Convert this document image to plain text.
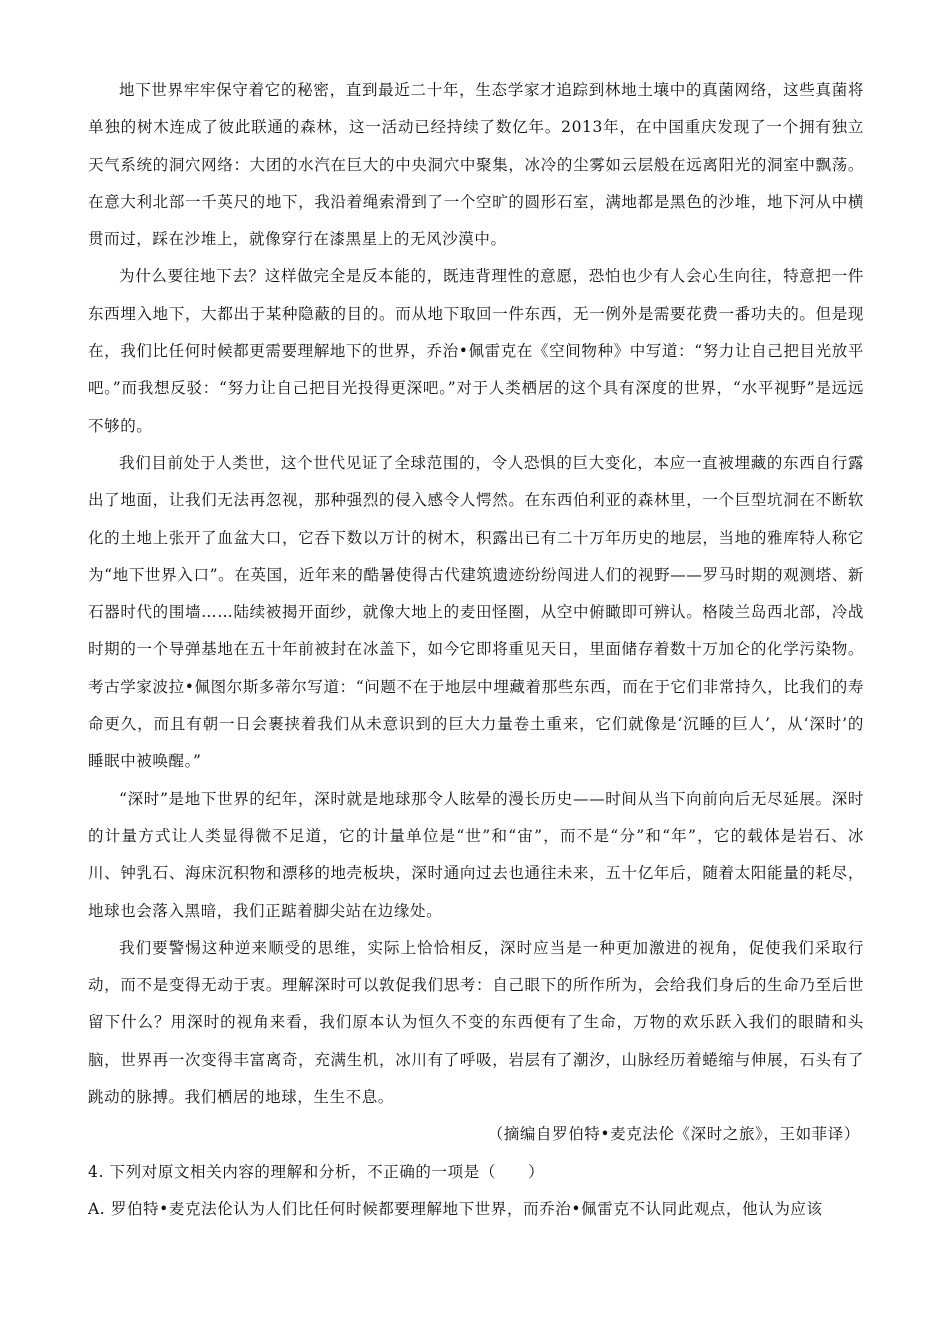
地下世界牢牢保守着它的秘密，直到最近二十年，生态学家才追踪到林地土壤中的真菌网络，这些真菌将单独的树木连成了彼此联通的森林，这一活动已经持续了数亿年。2013年，在中国重庆发现了一个拥有独立天气系统的洞穴网络：大团的水汽在巨大的中央洞穴中聚集，冰冷的尘雾如云层般在远离阳光的洞室中飘荡。在意大利北部一千英尺的地下，我沿着绳索滑到了一个空旷的圆形石室，满地都是黑色的沙堆，地下河从中横贯而过，踩在沙堆上，就像穿行在漆黑星上的无风沙漠中。

为什么要往地下去？这样做完全是反本能的，既违背理性的意愿，恐怕也少有人会心生向往，特意把一件东西埋入地下，大都出于某种隐蔽的目的。而从地下取回一件东西，无一例外是需要花费一番功夫的。但是现在，我们比任何时候都更需要理解地下的世界，乔治•佩雷克在《空间物种》中写道：“努力让自己把目光放平吧。”而我想反驳：“努力让自己把目光投得更深吧。”对于人类栖居的这个具有深度的世界，“水平视野”是远远不够的。

我们目前处于人类世，这个世代见证了全球范围的，令人恐惧的巨大变化，本应一直被埋藏的东西自行露出了地面，让我们无法再忽视，那种强烈的侵入感令人愕然。在东西伯利亚的森林里，一个巨型坑洞在不断软化的土地上张开了血盆大口，它吞下数以万计的树木，积露出已有二十万年历史的地层，当地的雅库特人称它为“地下世界入口”。在英国，近年来的酷暑使得古代建筑遗迹纷纷闯进人们的视野——罗马时期的观测塔、新石器时代的围墙……陆续被揭开面纱，就像大地上的麦田怪圈，从空中俯瞰即可辨认。格陵兰岛西北部，冷战时期的一个导弹基地在五十年前被封在冰盖下，如今它即将重见天日，里面储存着数十万加仑的化学污染物。考古学家波拉•佩图尔斯多蒂尔写道：“问题不在于地层中埋藏着那些东西，而在于它们非常持久，比我们的寿命更久，而且有朝一日会裹挟着我们从未意识到的巨大力量卷土重来，它们就像是‘沉睡的巨人’，从‘深时’的睡眠中被唤醒。”

“深时”是地下世界的纪年，深时就是地球那令人眩晕的漫长历史——时间从当下向前向后无尽延展。深时的计量方式让人类显得微不足道，它的计量单位是“世”和“宙”，而不是“分”和“年”，它的载体是岩石、冰川、钟乳石、海床沉积物和漂移的地壳板块，深时通向过去也通往未来，五十亿年后，随着太阳能量的耗尽，地球也会落入黑暗，我们正踮着脚尖站在边缘处。

我们要警惕这种逆来顺受的思维，实际上恰恰相反，深时应当是一种更加激进的视角，促使我们采取行动，而不是变得无动于衷。理解深时可以敦促我们思考：自己眼下的所作所为，会给我们身后的生命乃至后世留下什么？用深时的视角来看，我们原本认为恒久不变的东西便有了生命，万物的欢乐跃入我们的眼睛和头脑，世界再一次变得丰富离奇，充满生机，冰川有了呼吸，岩层有了潮汐，山脉经历着蜷缩与伸展，石头有了跳动的脉搏。我们栖居的地球，生生不息。

（摘编自罗伯特•麦克法伦《深时之旅》，王如菲译）

4. 下列对原文相关内容的理解和分析，不正确的一项是（　　）

A. 罗伯特•麦克法伦认为人们比任何时候都要理解地下世界，而乔治•佩雷克不认同此观点，他认为应该
